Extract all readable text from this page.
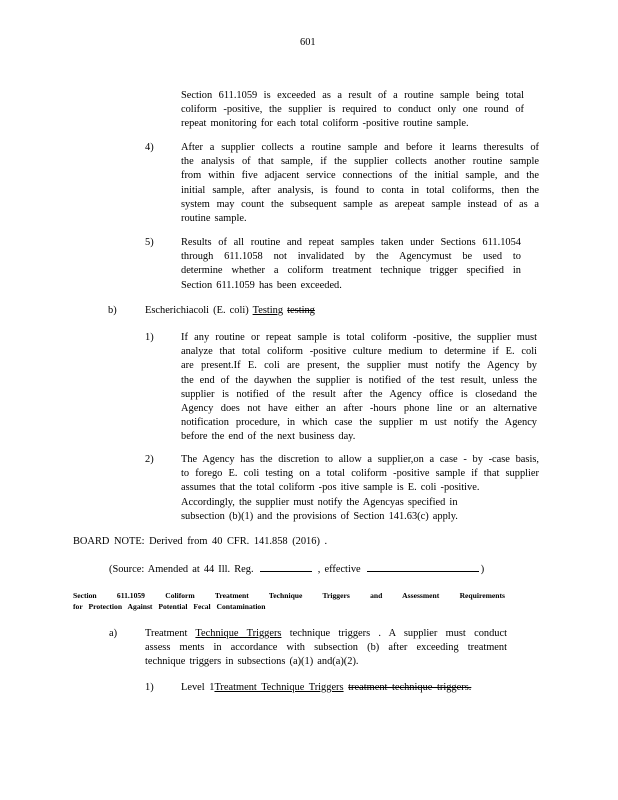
601
Section 611.1059 is exceeded as a result of a routine sample being total
coliform -positive, the supplier is required to conduct only one round of
repeat monitoring for each total coliform -positive routine sample.
4)	After a supplier collects a routine sample and before it learns theresults of
the analysis of that sample, if the supplier collects another routine sample
from within five adjacent service connections of the initial sample, and the
initial sample, after analysis, is found to conta in total coliforms, then the
system may count the subsequent sample as arepeat sample instead of as a
routine sample.
5)	Results of all routine and repeat samples taken under Sections 611.1054
through 611.1058 not invalidated by the Agencymust be used to
determine whether a coliform treatment technique trigger specified in
Section 611.1059 has been exceeded.
b)	Escherichiacoli (E. coli) Testing testing
1)	If any routine or repeat sample is total coliform -positive, the supplier must
analyze that total coliform -positive culture medium to determine if E. coli
are present.If E. coli are present, the supplier must notify the Agency by
the end of the daywhen the supplier is notified of the test result, unless the
supplier is notified of the result after the Agency office is closedand the
Agency does not have either an after -hours phone line or an alternative
notification procedure, in which case the supplier m ust notify the Agency
before the end of the next business day.
2)	The Agency has the discretion to allow a supplier,on a case - by -case basis,
to forego E. coli testing on a total coliform -positive sample if that supplier
assumes that the total coliform -pos itive sample is E. coli -positive.
Accordingly, the supplier must notify the Agencyas specified in
subsection (b)(1) and the provisions of Section 141.63(c) apply.
BOARD NOTE: Derived from 40 CFR. 141.858 (2016) .
(Source: Amended at 44 Ill. Reg.	, effective	)
Section 611.1059 Coliform Treatment Technique Triggers and Assessment Requirements
for Protection Against Potential Fecal Contamination
a)	Treatment Technique Triggers technique triggers . A supplier must conduct
assess ments in accordance with subsection (b) after exceeding treatment
technique triggers in subsections (a)(1) and(a)(2).
1)	Level 1Treatment Technique Triggers treatment technique triggers.
